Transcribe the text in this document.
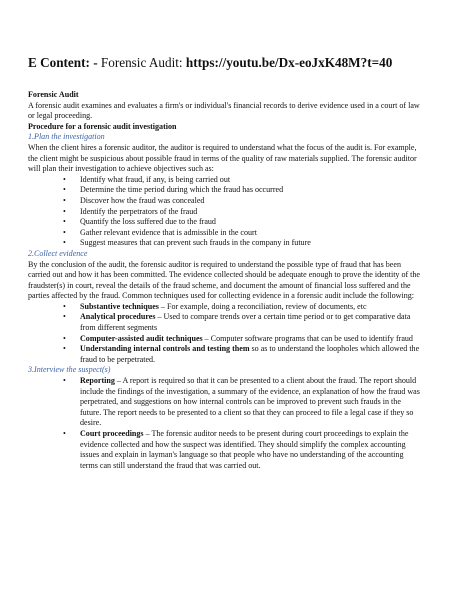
E Content: - Forensic Audit: https://youtu.be/Dx-eoJxK48M?t=40

Forensic Audit

A forensic audit examines and evaluates a firm's or individual's financial records to derive evidence used in a court of law or legal proceeding.

Procedure for a forensic audit investigation

1.Plan the investigation

When the client hires a forensic auditor, the auditor is required to understand what the focus of the audit is. For example, the client might be suspicious about possible fraud in terms of the quality of raw materials supplied. The forensic auditor will plan their investigation to achieve objectives such as:

• Identify what fraud, if any, is being carried out
• Determine the time period during which the fraud has occurred
• Discover how the fraud was concealed
• Identify the perpetrators of the fraud
• Quantify the loss suffered due to the fraud
• Gather relevant evidence that is admissible in the court
• Suggest measures that can prevent such frauds in the company in future

2.Collect evidence

By the conclusion of the audit, the forensic auditor is required to understand the possible type of fraud that has been carried out and how it has been committed. The evidence collected should be adequate enough to prove the identity of the fraudster(s) in court, reveal the details of the fraud scheme, and document the amount of financial loss suffered and the parties affected by the fraud. Common techniques used for collecting evidence in a forensic audit include the following:

• Substantive techniques – For example, doing a reconciliation, review of documents, etc
• Analytical procedures – Used to compare trends over a certain time period or to get comparative data from different segments
• Computer-assisted audit techniques – Computer software programs that can be used to identify fraud
• Understanding internal controls and testing them so as to understand the loopholes which allowed the fraud to be perpetrated.

3.Interview the suspect(s)

• Reporting – A report is required so that it can be presented to a client about the fraud. The report should include the findings of the investigation, a summary of the evidence, an explanation of how the fraud was perpetrated, and suggestions on how internal controls can be improved to prevent such frauds in the future. The report needs to be presented to a client so that they can proceed to file a legal case if they so desire.
• Court proceedings – The forensic auditor needs to be present during court proceedings to explain the evidence collected and how the suspect was identified. They should simplify the complex accounting issues and explain in layman's language so that people who have no understanding of the accounting terms can still understand the fraud that was carried out.
